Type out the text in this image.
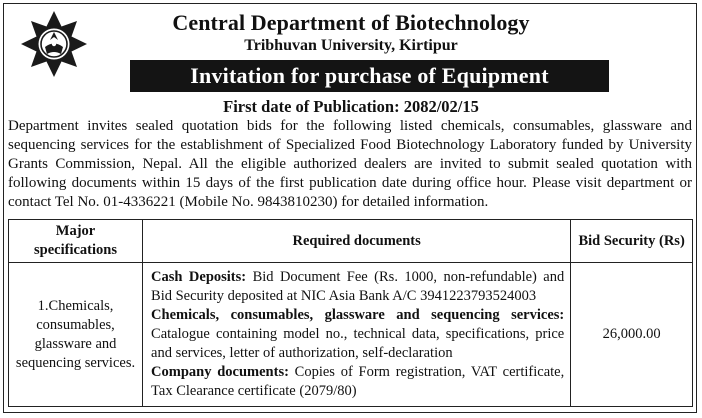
Central Department of Biotechnology
Tribhuvan University, Kirtipur
Invitation for purchase of Equipment
First date of Publication: 2082/02/15
Department invites sealed quotation bids for the following listed chemicals, consumables, glassware and sequencing services for the establishment of Specialized Food Biotechnology Laboratory funded by University Grants Commission, Nepal. All the eligible authorized dealers are invited to submit sealed quotation with following documents within 15 days of the first publication date during office hour. Please visit department or contact Tel No. 01-4336221 (Mobile No. 9843810230) for detailed information.
Major specifications	Required documents	Bid Security (Rs)
1.Chemicals, consumables, glassware and sequencing services.	Cash Deposits: Bid Document Fee (Rs. 1000, non-refundable) and Bid Security deposited at NIC Asia Bank A/C 3941223793524003
Chemicals, consumables, glassware and sequencing services: Catalogue containing model no., technical data, specifications, price and services, letter of authorization, self-declaration
Company documents: Copies of Form registration, VAT certificate, Tax Clearance certificate (2079/80)	26,000.00
